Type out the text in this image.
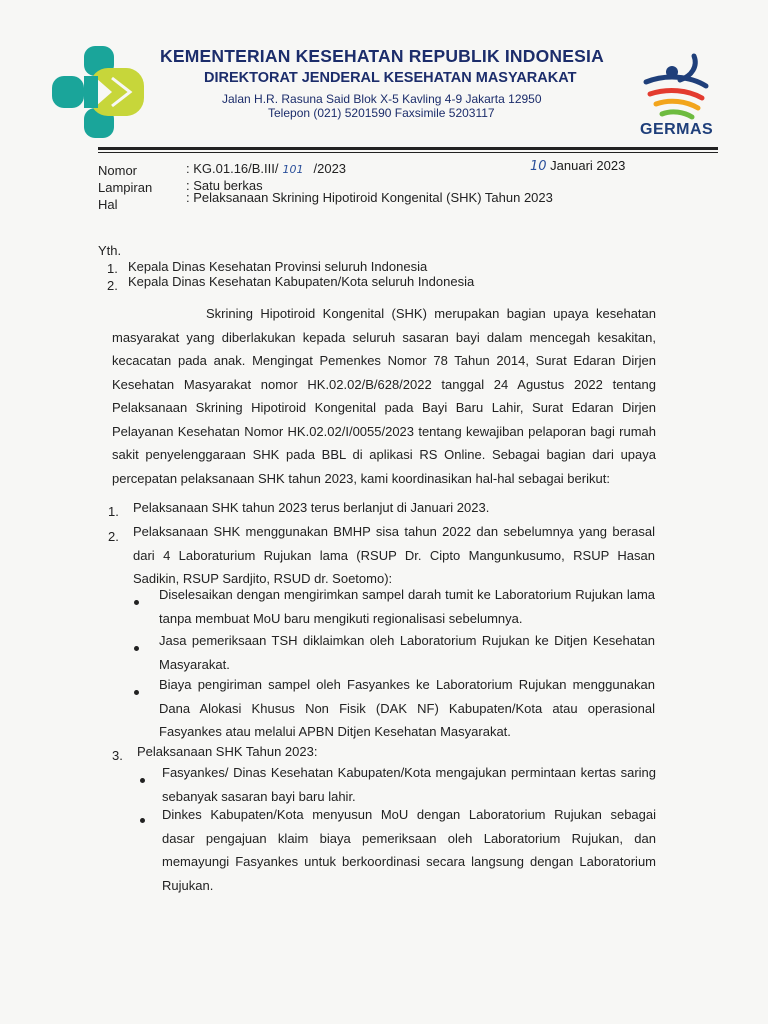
KEMENTERIAN KESEHATAN REPUBLIK INDONESIA
DIREKTORAT JENDERAL KESEHATAN MASYARAKAT
Jalan H.R. Rasuna Said Blok X-5 Kavling 4-9 Jakarta 12950
Telepon (021) 5201590 Faxsimile 5203117
GERMAS
Nomor	: KG.01.16/B.III/ 101 /2023	10 Januari 2023
Lampiran	: Satu berkas
Hal	: Pelaksanaan Skrining Hipotiroid Kongenital (SHK) Tahun 2023
Yth.
1. Kepala Dinas Kesehatan Provinsi seluruh Indonesia
2. Kepala Dinas Kesehatan Kabupaten/Kota seluruh Indonesia
Skrining Hipotiroid Kongenital (SHK) merupakan bagian upaya kesehatan masyarakat yang diberlakukan kepada seluruh sasaran bayi dalam mencegah kesakitan, kecacatan pada anak. Mengingat Pemenkes Nomor 78 Tahun 2014, Surat Edaran Dirjen Kesehatan Masyarakat nomor HK.02.02/B/628/2022 tanggal 24 Agustus 2022 tentang Pelaksanaan Skrining Hipotiroid Kongenital pada Bayi Baru Lahir, Surat Edaran Dirjen Pelayanan Kesehatan Nomor HK.02.02/I/0055/2023 tentang kewajiban pelaporan bagi rumah sakit penyelenggaraan SHK pada BBL di aplikasi RS Online. Sebagai bagian dari upaya percepatan pelaksanaan SHK tahun 2023, kami koordinasikan hal-hal sebagai berikut:
1. Pelaksanaan SHK tahun 2023 terus berlanjut di Januari 2023.
2. Pelaksanaan SHK menggunakan BMHP sisa tahun 2022 dan sebelumnya yang berasal dari 4 Laboraturium Rujukan lama (RSUP Dr. Cipto Mangunkusumo, RSUP Hasan Sadikin, RSUP Sardjito, RSUD dr. Soetomo):
Diselesaikan dengan mengirimkan sampel darah tumit ke Laboratorium Rujukan lama tanpa membuat MoU baru mengikuti regionalisasi sebelumnya.
Jasa pemeriksaan TSH diklaimkan oleh Laboratorium Rujukan ke Ditjen Kesehatan Masyarakat.
Biaya pengiriman sampel oleh Fasyankes ke Laboratorium Rujukan menggunakan Dana Alokasi Khusus Non Fisik (DAK NF) Kabupaten/Kota atau operasional Fasyankes atau melalui APBN Ditjen Kesehatan Masyarakat.
3. Pelaksanaan SHK Tahun 2023:
Fasyankes/ Dinas Kesehatan Kabupaten/Kota mengajukan permintaan kertas saring sebanyak sasaran bayi baru lahir.
Dinkes Kabupaten/Kota menyusun MoU dengan Laboratorium Rujukan sebagai dasar pengajuan klaim biaya pemeriksaan oleh Laboratorium Rujukan, dan memayungi Fasyankes untuk berkoordinasi secara langsung dengan Laboratorium Rujukan.
